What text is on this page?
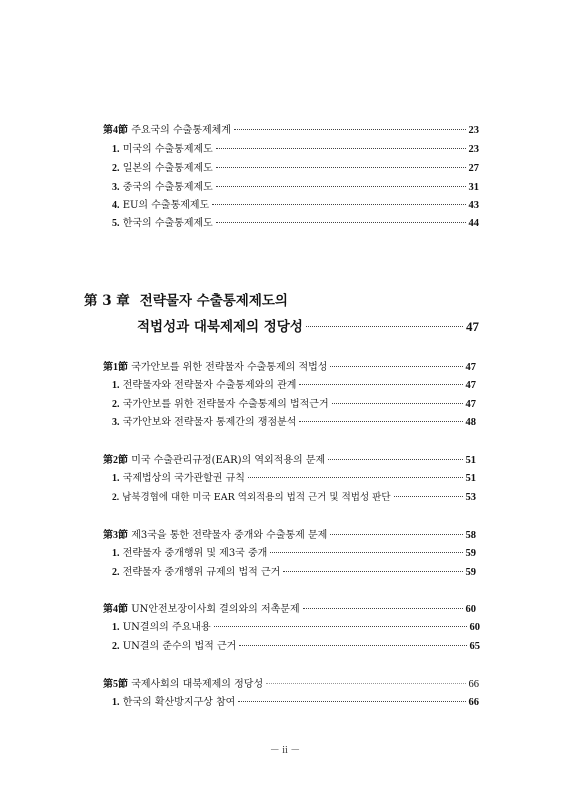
第4節 주요국의 수출통제체계	23
1. 미국의 수출통제제도	23
2. 일본의 수출통제제도	27
3. 중국의 수출통제제도	31
4. EU의 수출통제제도	43
5. 한국의 수출통제제도	44
第 3 章 전략물자 수출통제제도의
적법성과 대북제제의 정당성	47
第1節 국가안보를 위한 전략물자 수출통제의 적법성	47
1. 전략물자와 전략물자 수출통제와의 관계	47
2. 국가안보를 위한 전략물자 수출통제의 법적근거	47
3. 국가안보와 전략물자 통제간의 쟁점분석	48
第2節 미국 수출관리규정(EAR)의 역외적용의 문제	51
1. 국제법상의 국가관할권 규칙	51
2. 남북경협에 대한 미국 EAR 역외적용의 법적 근거 및 적법성 판단	53
第3節 제3국을 통한 전략물자 중개와 수출통제 문제	58
1. 전략물자 중개행위 및 제3국 중개	59
2. 전략물자 중개행위 규제의 법적 근거	59
第4節 UN안전보장이사회 결의와의 저촉문제	60
1. UN결의의 주요내용	60
2. UN결의 준수의 법적 근거	65
第5節 국제사회의 대북제제의 정당성	66
1. 한국의 확산방지구상 참여	66
－ ii －
